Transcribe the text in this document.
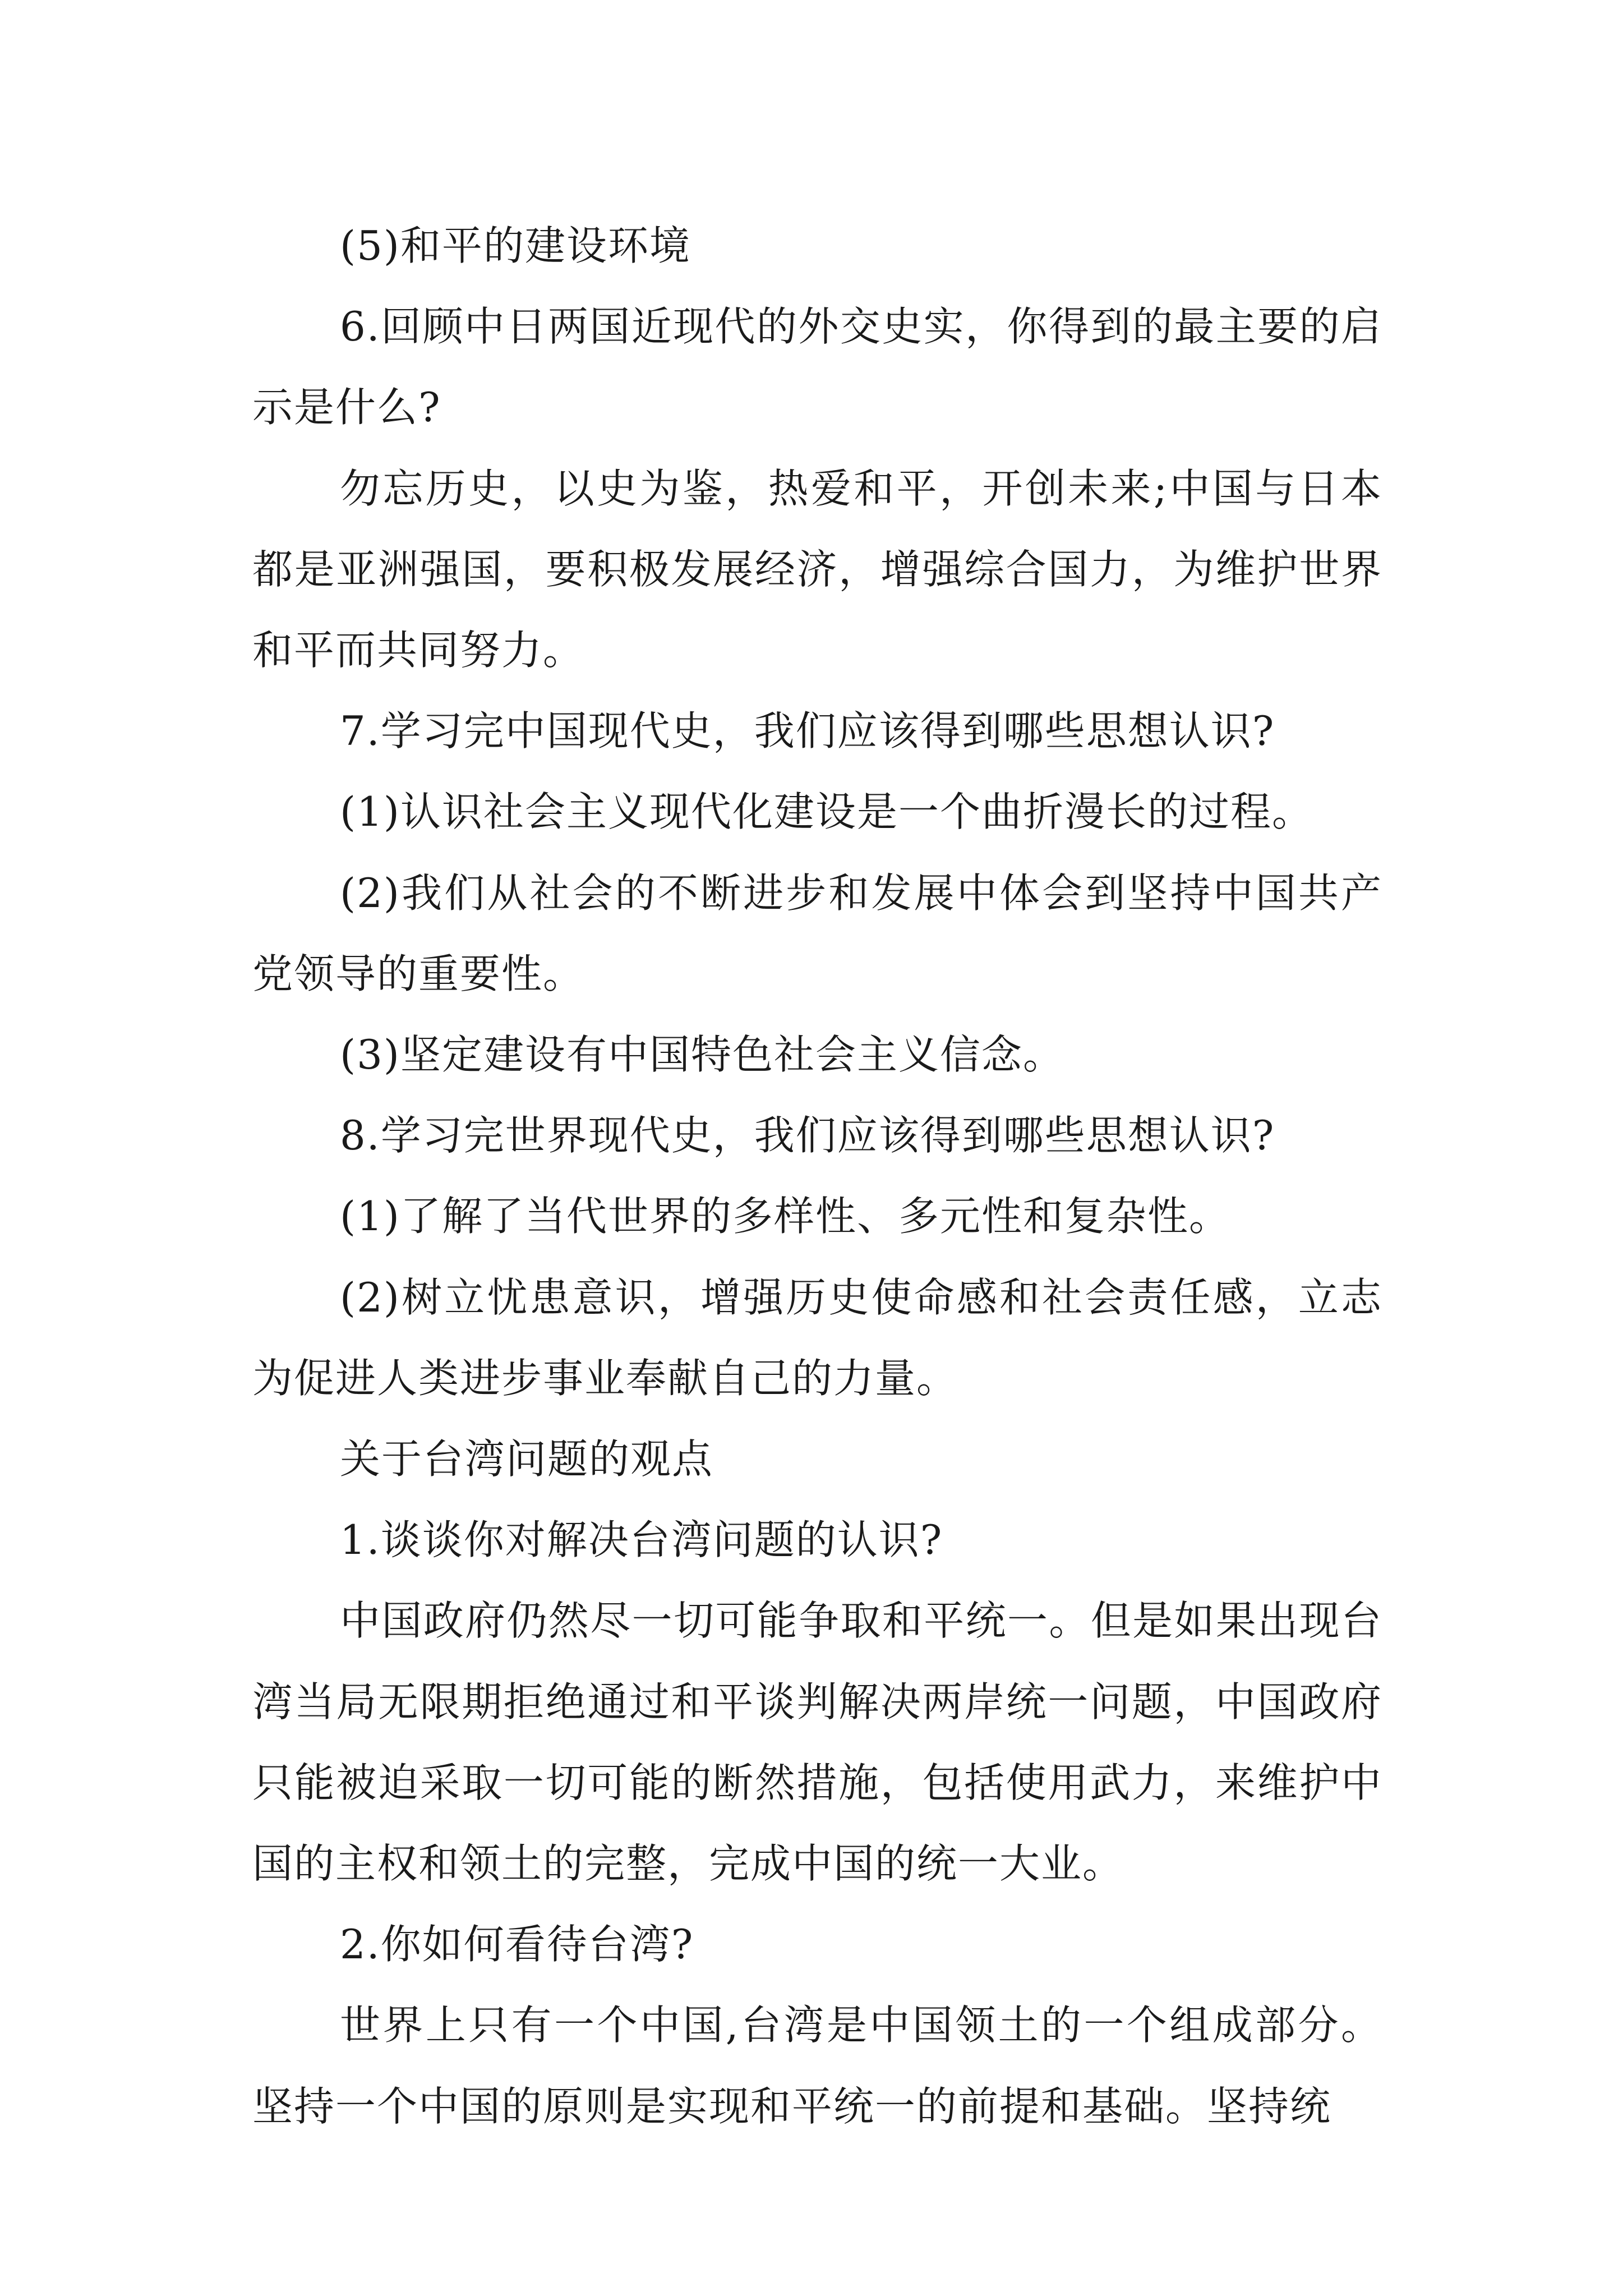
(5)和平的建设环境

6.回顾中日两国近现代的外交史实，你得到的最主要的启示是什么?

勿忘历史，以史为鉴，热爱和平，开创未来;中国与日本都是亚洲强国，要积极发展经济，增强综合国力，为维护世界和平而共同努力。

7.学习完中国现代史，我们应该得到哪些思想认识?

(1)认识社会主义现代化建设是一个曲折漫长的过程。

(2)我们从社会的不断进步和发展中体会到坚持中国共产党领导的重要性。

(3)坚定建设有中国特色社会主义信念。

8.学习完世界现代史，我们应该得到哪些思想认识?

(1)了解了当代世界的多样性、多元性和复杂性。

(2)树立忧患意识，增强历史使命感和社会责任感，立志为促进人类进步事业奉献自己的力量。

关于台湾问题的观点

1.谈谈你对解决台湾问题的认识?

中国政府仍然尽一切可能争取和平统一。但是如果出现台湾当局无限期拒绝通过和平谈判解决两岸统一问题，中国政府只能被迫采取一切可能的断然措施，包括使用武力，来维护中国的主权和领土的完整，完成中国的统一大业。

2.你如何看待台湾?

世界上只有一个中国,台湾是中国领土的一个组成部分。坚持一个中国的原则是实现和平统一的前提和基础。坚持统
